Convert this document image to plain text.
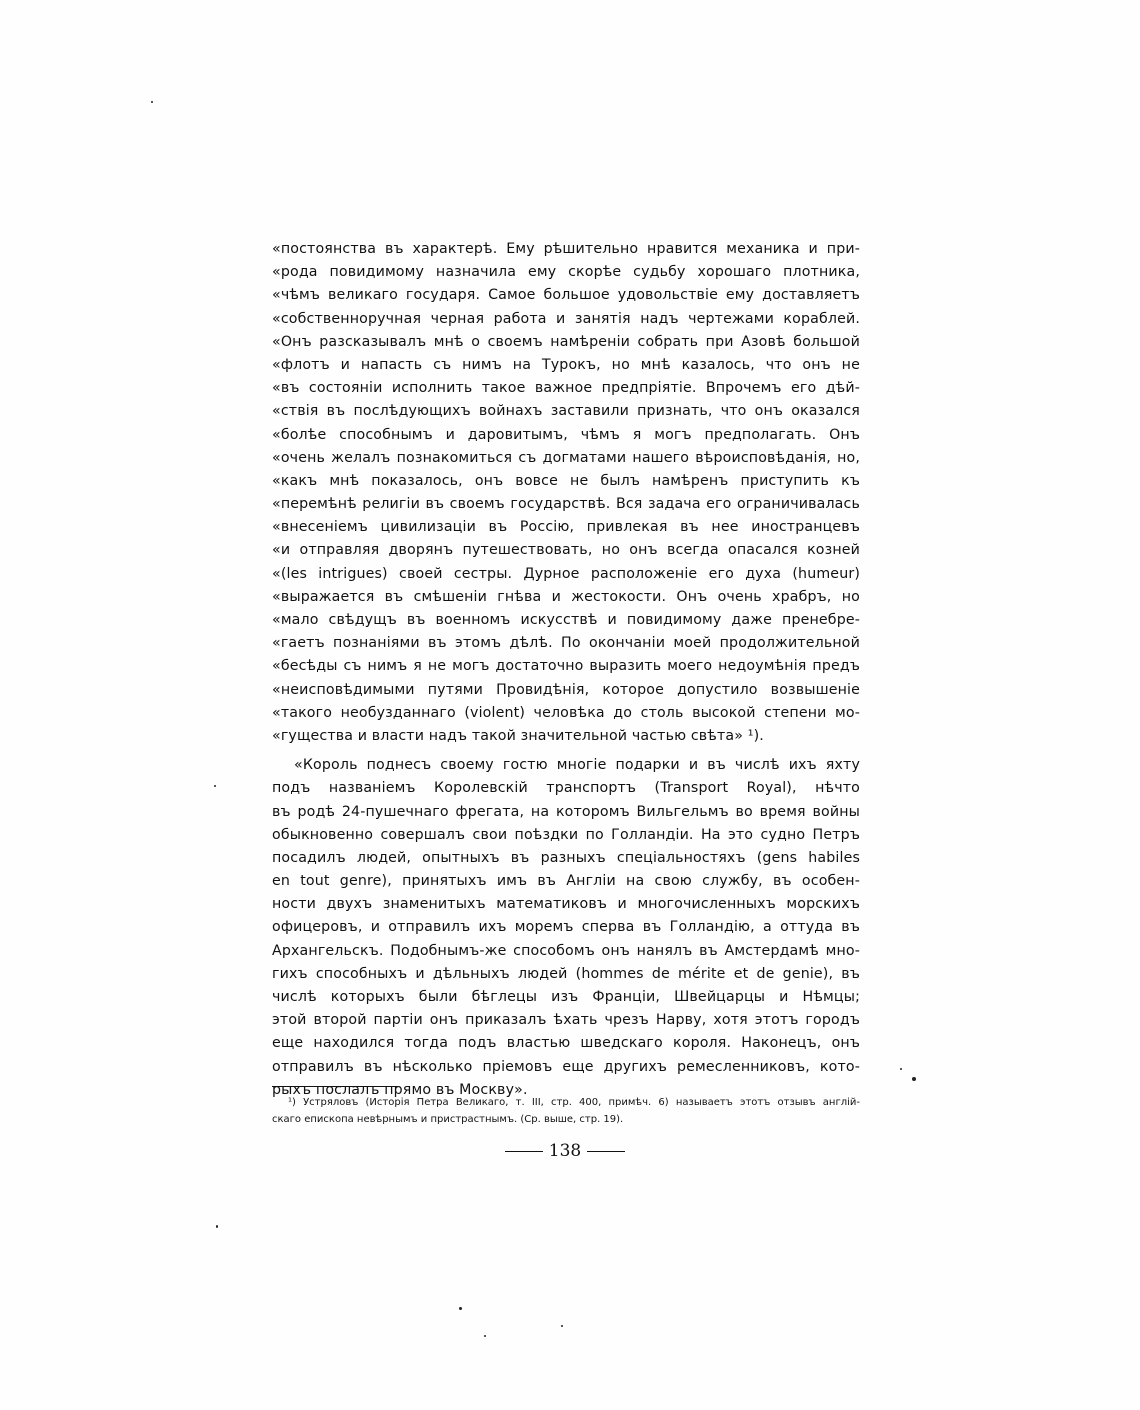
«постоянства въ характерѣ. Ему рѣшительно нравится механика и при-
«рода повидимому назначила ему скорѣе судьбу хорошаго плотника,
«чѣмъ великаго государя. Самое большое удовольствіе ему доставляетъ
«собственноручная черная работа и занятія надъ чертежами кораблей.
«Онъ разсказывалъ мнѣ о своемъ намѣреніи собрать при Азовѣ большой
«флотъ и напасть съ нимъ на Турокъ, но мнѣ казалось, что онъ не
«въ состояніи исполнить такое важное предпріятіе. Впрочемъ его дѣй-
«ствія въ послѣдующихъ войнахъ заставили признать, что онъ оказался
«болѣе способнымъ и даровитымъ, чѣмъ я могъ предполагать. Онъ
«очень желалъ познакомиться съ догматами нашего вѣроисповѣданія, но,
«какъ мнѣ показалось, онъ вовсе не былъ намѣренъ приступить къ
«перемѣнѣ религіи въ своемъ государствѣ. Вся задача его ограничивалась
«внесеніемъ цивилизаціи въ Россію, привлекая въ нее иностранцевъ
«и отправляя дворянъ путешествовать, но онъ всегда опасался козней
«(les intrigues) своей сестры. Дурное расположеніе его духа (humeur)
«выражается въ смѣшеніи гнѣва и жестокости. Онъ очень храбръ, но
«мало свѣдущъ въ военномъ искусствѣ и повидимому даже пренебре-
«гаетъ познаніями въ этомъ дѣлѣ. По окончаніи моей продолжительной
«бесѣды съ нимъ я не могъ достаточно выразить моего недоумѣнія предъ
«неисповѣдимыми путями Провидѣнія, которое допустило возвышеніе
«такого необузданнаго (violent) человѣка до столь высокой степени мо-
«гущества и власти надъ такой значительной частью свѣта» ¹).
«Король поднесъ своему гостю многіе подарки и въ числѣ ихъ яхту
подъ названіемъ Королевскій транспортъ (Transport Royal), нѣчто
въ родѣ 24-пушечнаго фрегата, на которомъ Вильгельмъ во время войны
обыкновенно совершалъ свои поѣздки по Голландіи. На это судно Петръ
посадилъ людей, опытныхъ въ разныхъ спеціальностяхъ (gens habiles
en tout genre), принятыхъ имъ въ Англіи на свою службу, въ особен-
ности двухъ знаменитыхъ математиковъ и многочисленныхъ морскихъ
офицеровъ, и отправилъ ихъ моремъ сперва въ Голландію, а оттуда въ
Архангельскъ. Подобнымъ-же способомъ онъ нанялъ въ Амстердамѣ мно-
гихъ способныхъ и дѣльныхъ людей (hommes de mérite et de genie), въ
числѣ которыхъ были бѣглецы изъ Франціи, Швейцарцы и Нѣмцы;
этой второй партіи онъ приказалъ ѣхать чрезъ Нарву, хотя этотъ городъ
еще находился тогда подъ властью шведскаго короля. Наконецъ, онъ
отправилъ въ нѣсколько пріемовъ еще другихъ ремесленниковъ, кото-
рыхъ послалъ прямо въ Москву».
¹) Устряловъ (Исторія Петра Великаго, т. III, стр. 400, примѣч. 6) называетъ этотъ отзывъ англій-
скаго епископа невѣрнымъ и пристрастнымъ. (Ср. выше, стр. 19).
138
